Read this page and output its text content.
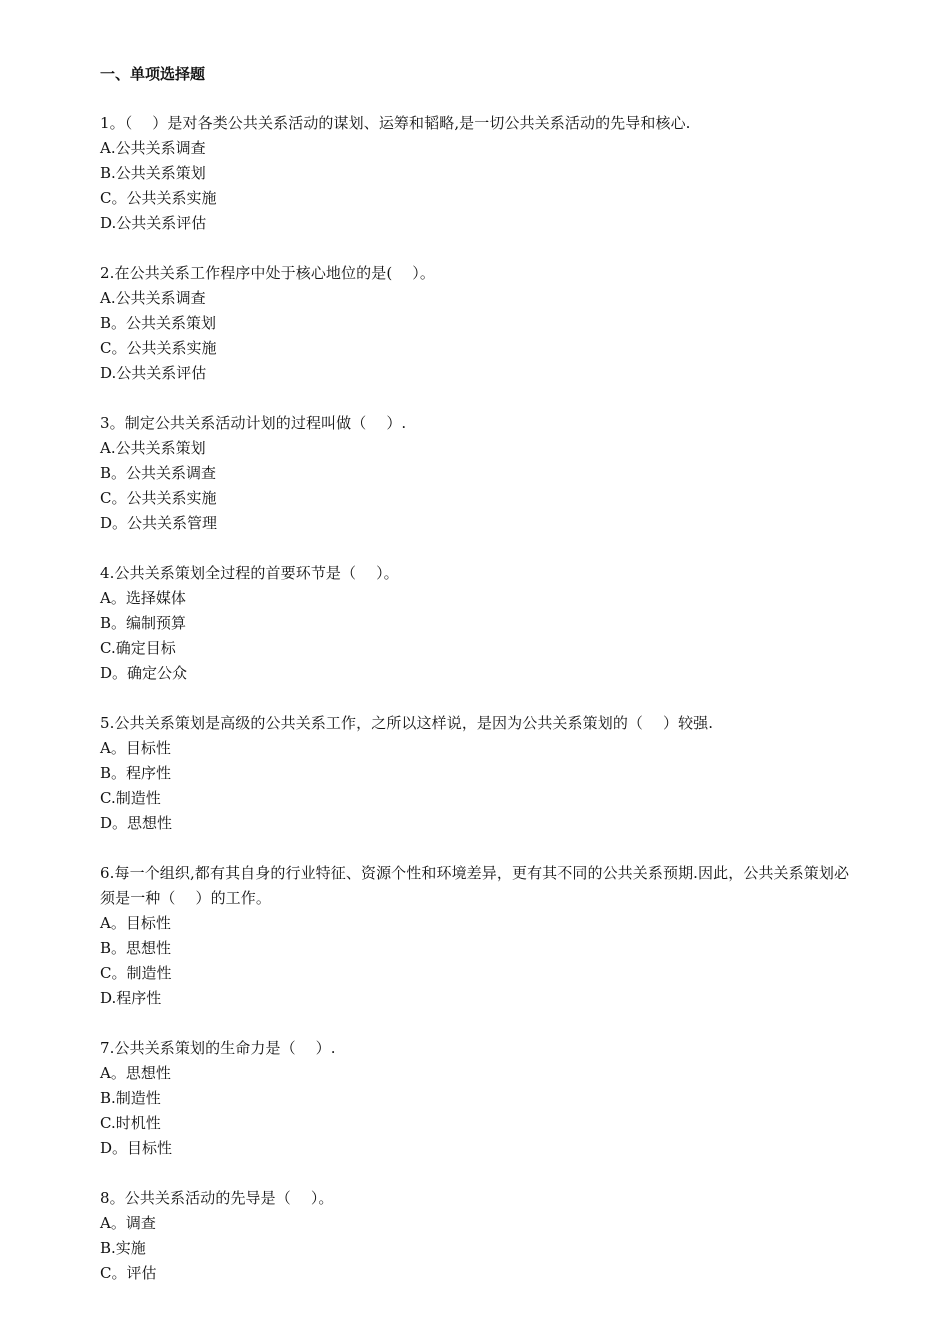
一、单项选择题
1。（　 ）是对各类公共关系活动的谋划、运筹和韬略,是一切公共关系活动的先导和核心.
A.公共关系调查
B.公共关系策划
C。公共关系实施
D.公共关系评估
2.在公共关系工作程序中处于核心地位的是(　 ）。
A.公共关系调查
B。公共关系策划
C。公共关系实施
D.公共关系评估
3。制定公共关系活动计划的过程叫做（　 ）.
A.公共关系策划
B。公共关系调查
C。公共关系实施
D。公共关系管理
4.公共关系策划全过程的首要环节是（　 ）。
A。选择媒体
B。编制预算
C.确定目标
D。确定公众
5.公共关系策划是高级的公共关系工作，之所以这样说，是因为公共关系策划的（　 ）较强.
A。目标性
B。程序性
C.制造性
D。思想性
6.每一个组织,都有其自身的行业特征、资源个性和环境差异，更有其不同的公共关系预期.因此，公共关系策划必须是一种（　 ）的工作。
A。目标性
B。思想性
C。制造性
D.程序性
7.公共关系策划的生命力是（　 ）.
A。思想性
B.制造性
C.时机性
D。目标性
8。公共关系活动的先导是（　 ）。
A。调查
B.实施
C。评估
